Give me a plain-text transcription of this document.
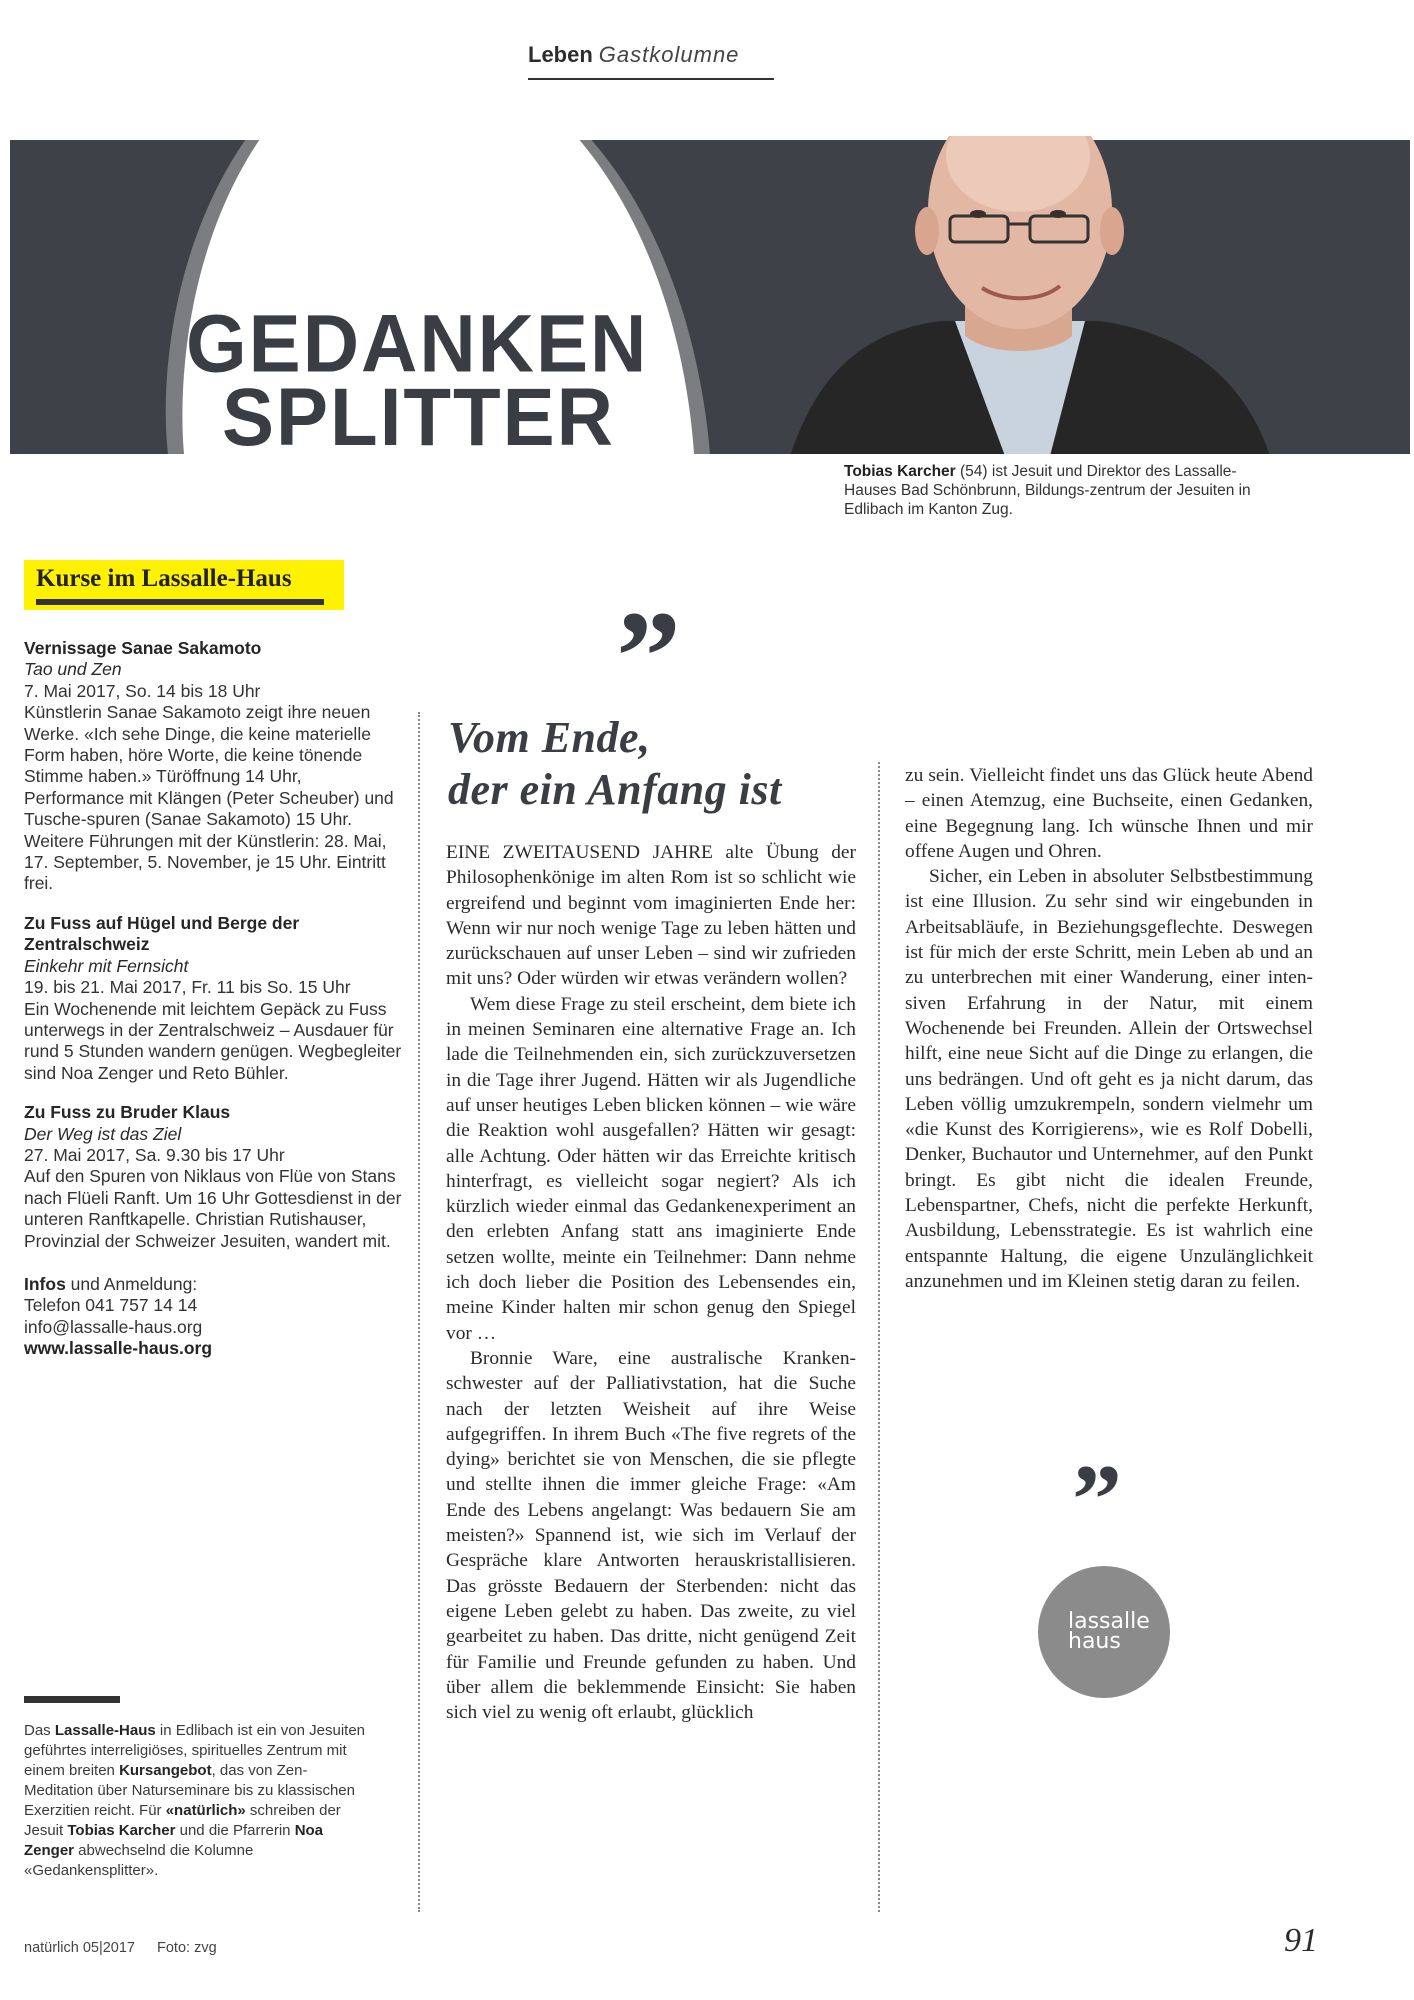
Leben Gastkolumne
GEDANKEN
SPLITTER
Tobias Karcher (54) ist Jesuit und Direktor des Lassalle-Hauses Bad Schönbrunn, Bildungs-zentrum der Jesuiten in Edlibach im Kanton Zug.
Kurse im Lassalle-Haus
Vernissage Sanae Sakamoto
Tao und Zen
7. Mai 2017, So. 14 bis 18 Uhr
Künstlerin Sanae Sakamoto zeigt ihre neuen Werke. «Ich sehe Dinge, die keine materielle Form haben, höre Worte, die keine tönende Stimme haben.» Türöffnung 14 Uhr, Performance mit Klängen (Peter Scheuber) und Tusche-spuren (Sanae Sakamoto) 15 Uhr. Weitere Führungen mit der Künstlerin: 28. Mai, 17. September, 5. November, je 15 Uhr. Eintritt frei.
Zu Fuss auf Hügel und Berge der Zentralschweiz
Einkehr mit Fernsicht
19. bis 21. Mai 2017, Fr. 11 bis So. 15 Uhr
Ein Wochenende mit leichtem Gepäck zu Fuss unterwegs in der Zentralschweiz – Ausdauer für rund 5 Stunden wandern genügen. Wegbegleiter sind Noa Zenger und Reto Bühler.
Zu Fuss zu Bruder Klaus
Der Weg ist das Ziel
27. Mai 2017, Sa. 9.30 bis 17 Uhr
Auf den Spuren von Niklaus von Flüe von Stans nach Flüeli Ranft. Um 16 Uhr Gottesdienst in der unteren Ranftkapelle. Christian Rutishauser, Provinzial der Schweizer Jesuiten, wandert mit.
Infos und Anmeldung:
Telefon 041 757 14 14
info@lassalle-haus.org
www.lassalle-haus.org
Das Lassalle-Haus in Edlibach ist ein von Jesuiten geführtes interreligiöses, spirituelles Zentrum mit einem breiten Kursangebot, das von Zen-Meditation über Naturseminare bis zu klassischen Exerzitien reicht. Für «natürlich» schreiben der Jesuit Tobias Karcher und die Pfarrerin Noa Zenger abwechselnd die Kolumne «Gedankensplitter».
natürlich 05|2017 Foto: zvg
”
Vom Ende,
der ein Anfang ist

EINE ZWEITAUSEND JAHRE alte Übung der Philosophenkönige im alten Rom ist so schlicht wie ergreifend und beginnt vom imaginierten Ende her: Wenn wir nur noch wenige Tage zu leben hätten und zurückschauen auf unser Leben – sind wir zufrieden mit uns? Oder würden wir etwas verändern wollen?

Wem diese Frage zu steil erscheint, dem biete ich in meinen Seminaren eine alternative Frage an. Ich lade die Teilnehmenden ein, sich zurückzuversetzen in die Tage ihrer Jugend. Hätten wir als Jugendliche auf unser heutiges Leben blicken können – wie wäre die Reaktion wohl ausgefallen? Hätten wir gesagt: alle Achtung. Oder hätten wir das Erreichte kritisch hinterfragt, es vielleicht sogar negiert? Als ich kürzlich wieder einmal das Gedankenexperiment an den erlebten Anfang statt ans imaginierte Ende setzen wollte, meinte ein Teilnehmer: Dann nehme ich doch lieber die Position des Lebensendes ein, meine Kinder halten mir schon genug den Spiegel vor …

Bronnie Ware, eine australische Krankenschwester auf der Palliativstation, hat die Suche nach der letzten Weisheit auf ihre Weise aufgegriffen. In ihrem Buch «The five regrets of the dying» berichtet sie von Menschen, die sie pflegte und stellte ihnen die immer gleiche Frage: «Am Ende des Lebens angelangt: Was bedauern Sie am meisten?» Spannend ist, wie sich im Verlauf der Gespräche klare Antworten herauskristallisieren. Das grösste Bedauern der Sterbenden: nicht das eigene Leben gelebt zu haben. Das zweite, zu viel gearbeitet zu haben. Das dritte, nicht genügend Zeit für Familie und Freunde gefunden zu haben. Und über allem die beklemmende Einsicht: Sie haben sich viel zu wenig oft erlaubt, glücklich

zu sein. Vielleicht findet uns das Glück heute Abend – einen Atemzug, eine Buchseite, einen Gedanken, eine Begegnung lang. Ich wünsche Ihnen und mir offene Augen und Ohren.

Sicher, ein Leben in absoluter Selbstbestimmung ist eine Illusion. Zu sehr sind wir eingebunden in Arbeitsabläufe, in Beziehungsgeflechte. Deswegen ist für mich der erste Schritt, mein Leben ab und an zu unterbrechen mit einer Wanderung, einer intensiven Erfahrung in der Natur, mit einem Wochenende bei Freunden. Allein der Ortswechsel hilft, eine neue Sicht auf die Dinge zu erlangen, die uns bedrängen. Und oft geht es ja nicht darum, das Leben völlig umzukrempeln, sondern vielmehr um «die Kunst des Korrigierens», wie es Rolf Dobelli, Denker, Buchautor und Unternehmer, auf den Punkt bringt. Es gibt nicht die idealen Freunde, Lebenspartner, Chefs, nicht die perfekte Herkunft, Ausbildung, Lebensstrategie. Es ist wahrlich eine entspannte Haltung, die eigene Unzulänglichkeit anzunehmen und im Kleinen stetig daran zu feilen.

”
lassalle
haus
91
